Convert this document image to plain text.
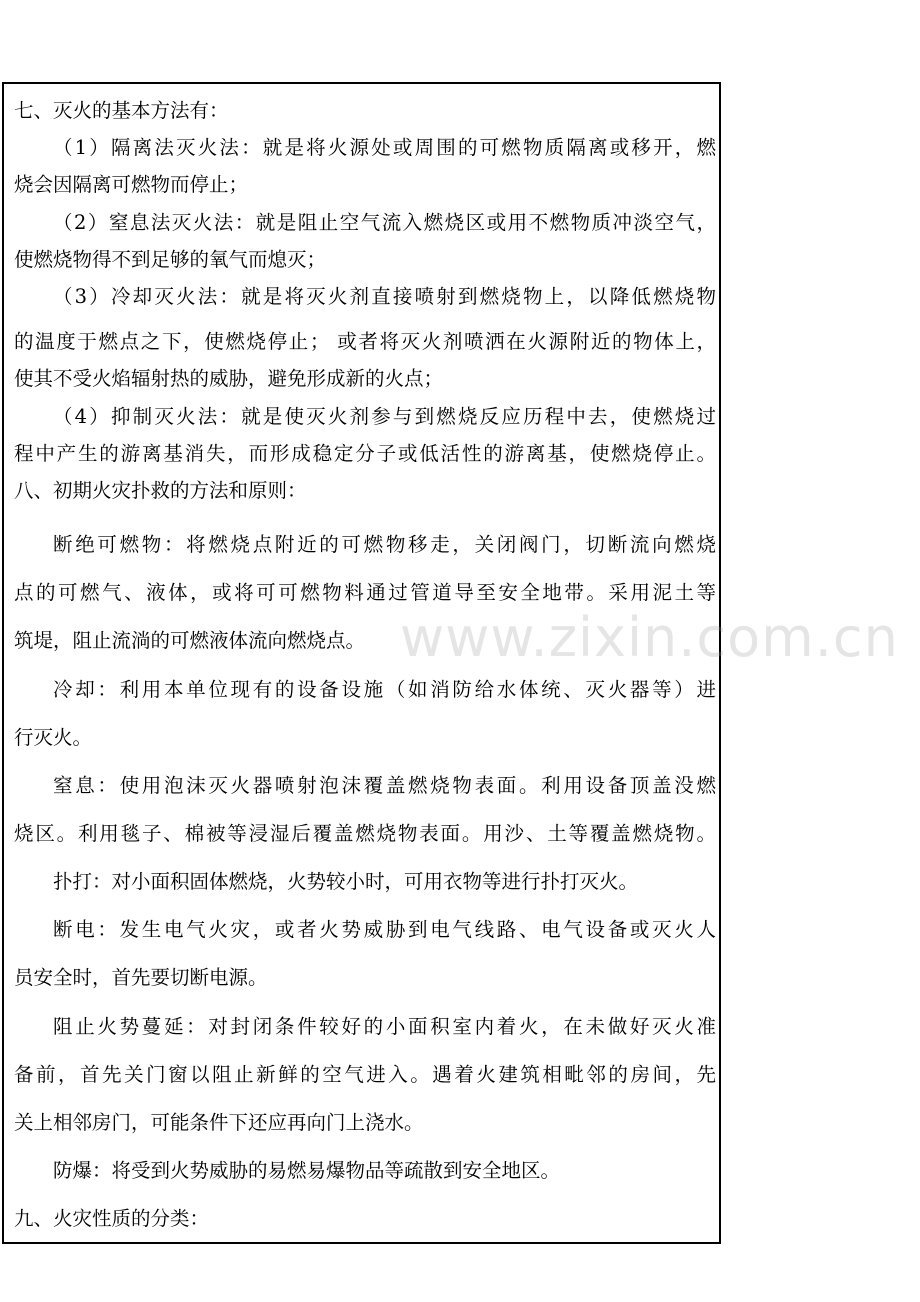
七、灭火的基本方法有：
（1）隔离法灭火法：就是将火源处或周围的可燃物质隔离或移开，燃
烧会因隔离可燃物而停止；
（2）窒息法灭火法：就是阻止空气流入燃烧区或用不燃物质冲淡空气，
使燃烧物得不到足够的氧气而熄灭；
（3）冷却灭火法：就是将灭火剂直接喷射到燃烧物上，以降低燃烧物
的温度于燃点之下，使燃烧停止； 或者将灭火剂喷洒在火源附近的物体上，
使其不受火焰辐射热的威胁，避免形成新的火点；
（4）抑制灭火法：就是使灭火剂参与到燃烧反应历程中去，使燃烧过
程中产生的游离基消失，而形成稳定分子或低活性的游离基，使燃烧停止。
八、初期火灾扑救的方法和原则：
断绝可燃物：将燃烧点附近的可燃物移走，关闭阀门，切断流向燃烧
点的可燃气、液体，或将可可燃物料通过管道导至安全地带。采用泥土等
筑堤，阻止流淌的可燃液体流向燃烧点。
冷却：利用本单位现有的设备设施（如消防给水体统、灭火器等）进
行灭火。
窒息：使用泡沫灭火器喷射泡沫覆盖燃烧物表面。利用设备顶盖没燃
烧区。利用毯子、棉被等浸湿后覆盖燃烧物表面。用沙、土等覆盖燃烧物。
扑打：对小面积固体燃烧，火势较小时，可用衣物等进行扑打灭火。
断电：发生电气火灾，或者火势威胁到电气线路、电气设备或灭火人
员安全时，首先要切断电源。
阻止火势蔓延：对封闭条件较好的小面积室内着火，在未做好灭火准
备前，首先关门窗以阻止新鲜的空气进入。遇着火建筑相毗邻的房间，先
关上相邻房门，可能条件下还应再向门上浇水。
防爆：将受到火势威胁的易燃易爆物品等疏散到安全地区。
九、火灾性质的分类：
www.zixin.com.cn
